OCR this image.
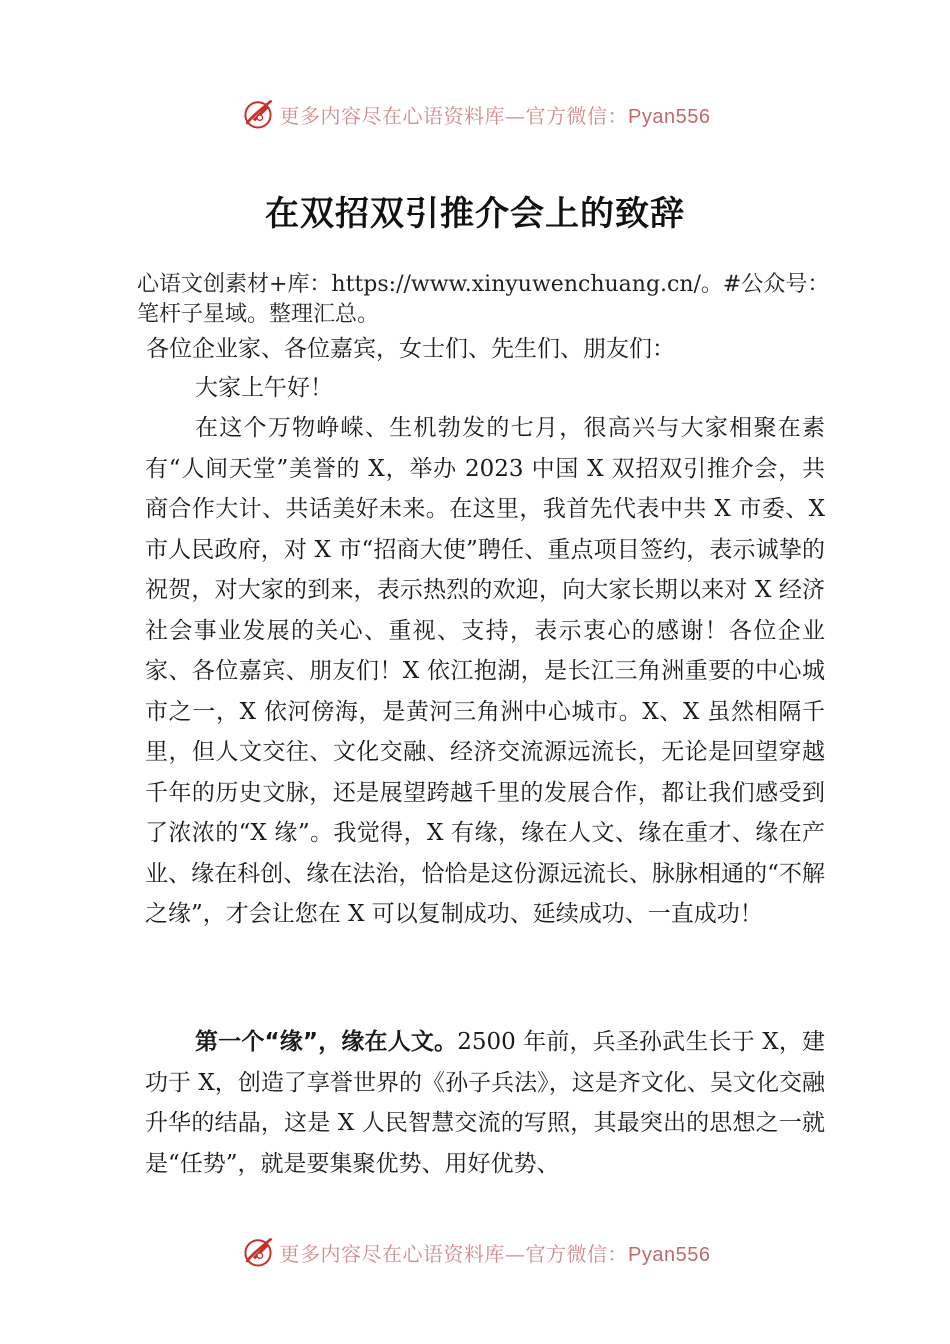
更多内容尽在心语资料库—官方微信：Pyan556
在双招双引推介会上的致辞
心语文创素材+库：https://www.xinyuwenchuang.cn/。#公众号：笔杆子星域。整理汇总。
各位企业家、各位嘉宾，女士们、先生们、朋友们：
大家上午好！
在这个万物峥嵘、生机勃发的七月，很高兴与大家相聚在素有“人间天堂”美誉的 X，举办 2023 中国 X 双招双引推介会，共商合作大计、共话美好未来。在这里，我首先代表中共 X 市委、X 市人民政府，对 X 市“招商大使”聘任、重点项目签约，表示诚挚的祝贺，对大家的到来，表示热烈的欢迎，向大家长期以来对 X 经济社会事业发展的关心、重视、支持，表示衷心的感谢！各位企业家、各位嘉宾、朋友们！X 依江抱湖，是长江三角洲重要的中心城市之一，X 依河傍海，是黄河三角洲中心城市。X、X 虽然相隔千里，但人文交往、文化交融、经济交流源远流长，无论是回望穿越千年的历史文脉，还是展望跨越千里的发展合作，都让我们感受到了浓浓的“X 缘”。我觉得，X 有缘，缘在人文、缘在重才、缘在产业、缘在科创、缘在法治，恰恰是这份源远流长、脉脉相通的“不解之缘”，才会让您在 X 可以复制成功、延续成功、一直成功！
第一个“缘”，缘在人文。2500 年前，兵圣孙武生长于 X，建功于 X，创造了享誉世界的《孙子兵法》，这是齐文化、吴文化交融升华的结晶，这是 X 人民智慧交流的写照，其最突出的思想之一就是“任势”，就是要集聚优势、用好优势、
更多内容尽在心语资料库—官方微信：Pyan556
